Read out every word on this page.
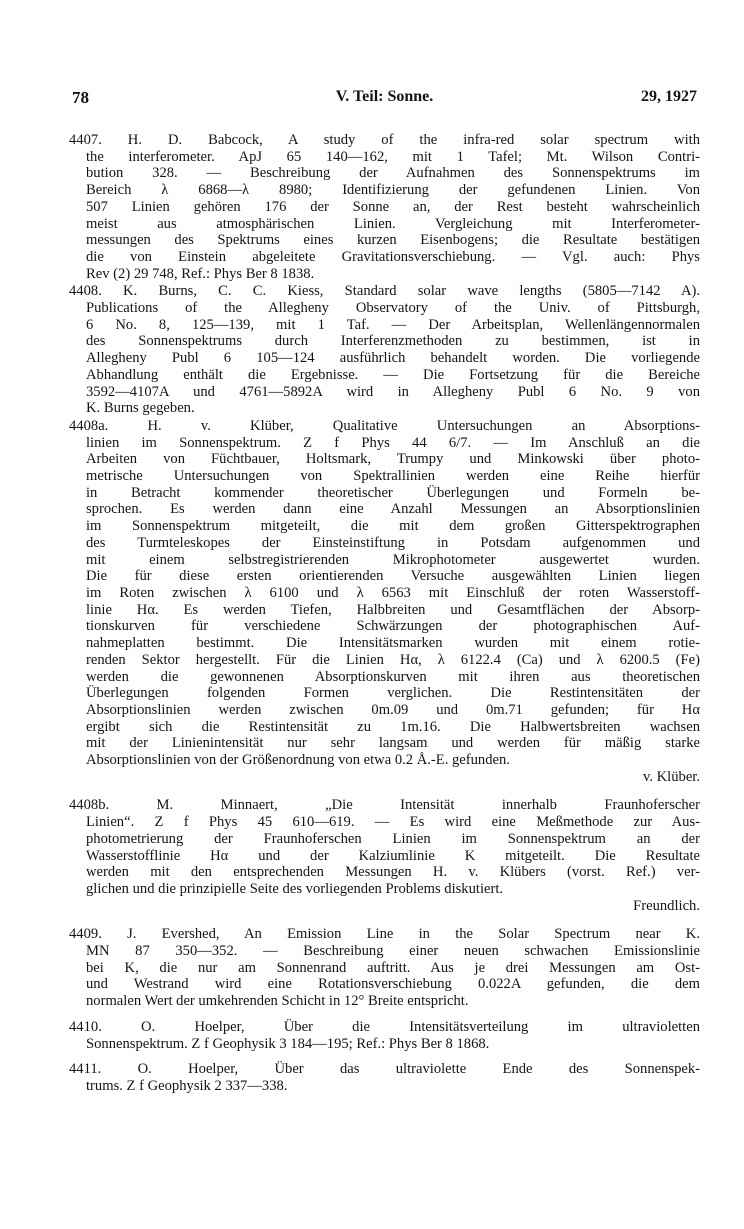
78	V. Teil: Sonne.	29, 1927
4407. H. D. Babcock, A study of the infra-red solar spectrum with
the interferometer. ApJ 65 140—162, mit 1 Tafel; Mt. Wilson Contri-
bution 328. — Beschreibung der Aufnahmen des Sonnenspektrums im
Bereich λ 6868—λ 8980; Identifizierung der gefundenen Linien. Von
507 Linien gehören 176 der Sonne an, der Rest besteht wahrscheinlich
meist aus atmosphärischen Linien. Vergleichung mit Interferometer-
messungen des Spektrums eines kurzen Eisenbogens; die Resultate bestätigen
die von Einstein abgeleitete Gravitationsverschiebung. — Vgl. auch: Phys
Rev (2) 29 748, Ref.: Phys Ber 8 1838.
4408. K. Burns, C. C. Kiess, Standard solar wave lengths (5805—7142 A).
Publications of the Allegheny Observatory of the Univ. of Pittsburgh,
6 No. 8, 125—139, mit 1 Taf. — Der Arbeitsplan, Wellenlängennormalen
des Sonnenspektrums durch Interferenzmethoden zu bestimmen, ist in
Allegheny Publ 6 105—124 ausführlich behandelt worden. Die vorliegende
Abhandlung enthält die Ergebnisse. — Die Fortsetzung für die Bereiche
3592—4107A und 4761—5892A wird in Allegheny Publ 6 No. 9 von
K. Burns gegeben.
4408a. H. v. Klüber, Qualitative Untersuchungen an Absorptions-
linien im Sonnenspektrum. Z f Phys 44 6/7. — Im Anschluß an die
Arbeiten von Füchtbauer, Holtsmark, Trumpy und Minkowski über photo-
metrische Untersuchungen von Spektrallinien werden eine Reihe hierfür
in Betracht kommender theoretischer Überlegungen und Formeln be-
sprochen. Es werden dann eine Anzahl Messungen an Absorptionslinien
im Sonnenspektrum mitgeteilt, die mit dem großen Gitterspektrographen
des Turmteleskopes der Einsteinstiftung in Potsdam aufgenommen und
mit einem selbstregistrierenden Mikrophotometer ausgewertet wurden.
Die für diese ersten orientierenden Versuche ausgewählten Linien liegen
im Roten zwischen λ 6100 und λ 6563 mit Einschluß der roten Wasserstoff-
linie Hα. Es werden Tiefen, Halbbreiten und Gesamtflächen der Absorp-
tionskurven für verschiedene Schwärzungen der photographischen Auf-
nahmeplatten bestimmt. Die Intensitätsmarken wurden mit einem rotie-
renden Sektor hergestellt. Für die Linien Hα, λ 6122.4 (Ca) und λ 6200.5 (Fe)
werden die gewonnenen Absorptionskurven mit ihren aus theoretischen
Überlegungen folgenden Formen verglichen. Die Restintensitäten der
Absorptionslinien werden zwischen 0m.09 und 0m.71 gefunden; für Hα
ergibt sich die Restintensität zu 1m.16. Die Halbwertsbreiten wachsen
mit der Linienintensität nur sehr langsam und werden für mäßig starke
Absorptionslinien von der Größenordnung von etwa 0.2 Å.-E. gefunden.
v. Klüber.
4408b. M. Minnaert, „Die Intensität innerhalb Fraunhoferscher
Linien“. Z f Phys 45 610—619. — Es wird eine Meßmethode zur Aus-
photometrierung der Fraunhoferschen Linien im Sonnenspektrum an der
Wasserstofflinie Hα und der Kalziumlinie K mitgeteilt. Die Resultate
werden mit den entsprechenden Messungen H. v. Klübers (vorst. Ref.) ver-
glichen und die prinzipielle Seite des vorliegenden Problems diskutiert.
Freundlich.
4409. J. Evershed, An Emission Line in the Solar Spectrum near K.
MN 87 350—352. — Beschreibung einer neuen schwachen Emissionslinie
bei K, die nur am Sonnenrand auftritt. Aus je drei Messungen am Ost-
und Westrand wird eine Rotationsverschiebung 0.022A gefunden, die dem
normalen Wert der umkehrenden Schicht in 12° Breite entspricht.
4410. O. Hoelper, Über die Intensitätsverteilung im ultravioletten
Sonnenspektrum. Z f Geophysik 3 184—195; Ref.: Phys Ber 8 1868.
4411. O. Hoelper, Über das ultraviolette Ende des Sonnenspek-
trums. Z f Geophysik 2 337—338.
